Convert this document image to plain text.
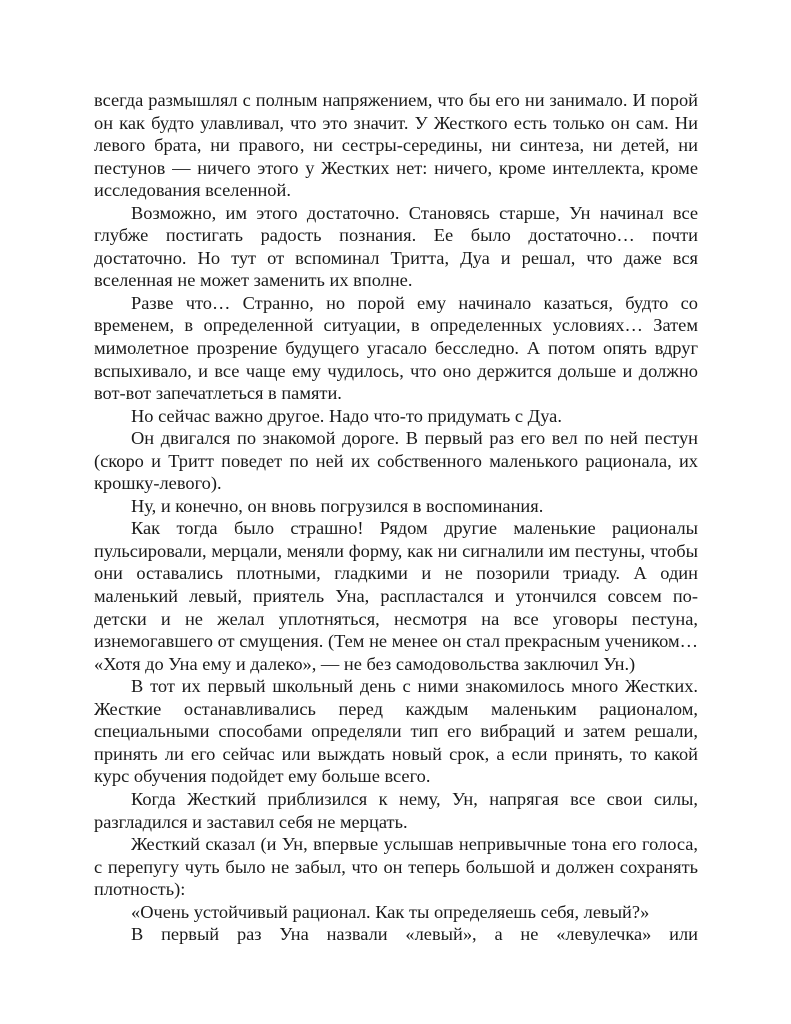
всегда размышлял с полным напряжением, что бы его ни занимало. И порой он как будто улавливал, что это значит. У Жесткого есть только он сам. Ни левого брата, ни правого, ни сестры-середины, ни синтеза, ни детей, ни пестунов — ничего этого у Жестких нет: ничего, кроме интеллекта, кроме исследования вселенной.

Возможно, им этого достаточно. Становясь старше, Ун начинал все глубже постигать радость познания. Ее было достаточно… почти достаточно. Но тут от вспоминал Тритта, Дуа и решал, что даже вся вселенная не может заменить их вполне.

Разве что… Странно, но порой ему начинало казаться, будто со временем, в определенной ситуации, в определенных условиях… Затем мимолетное прозрение будущего угасало бесследно. А потом опять вдруг вспыхивало, и все чаще ему чудилось, что оно держится дольше и должно вот-вот запечатлеться в памяти.

Но сейчас важно другое. Надо что-то придумать с Дуа.

Он двигался по знакомой дороге. В первый раз его вел по ней пестун (скоро и Тритт поведет по ней их собственного маленького рационала, их крошку-левого).

Ну, и конечно, он вновь погрузился в воспоминания.

Как тогда было страшно! Рядом другие маленькие рационалы пульсировали, мерцали, меняли форму, как ни сигналили им пестуны, чтобы они оставались плотными, гладкими и не позорили триаду. А один маленький левый, приятель Уна, распластался и утончился совсем по-детски и не желал уплотняться, несмотря на все уговоры пестуна, изнемогавшего от смущения. (Тем не менее он стал прекрасным учеником… «Хотя до Уна ему и далеко», — не без самодовольства заключил Ун.)

В тот их первый школьный день с ними знакомилось много Жестких. Жесткие останавливались перед каждым маленьким рационалом, специальными способами определяли тип его вибраций и затем решали, принять ли его сейчас или выждать новый срок, а если принять, то какой курс обучения подойдет ему больше всего.

Когда Жесткий приблизился к нему, Ун, напрягая все свои силы, разгладился и заставил себя не мерцать.

Жесткий сказал (и Ун, впервые услышав непривычные тона его голоса, с перепугу чуть было не забыл, что он теперь большой и должен сохранять плотность):

«Очень устойчивый рационал. Как ты определяешь себя, левый?»

В первый раз Уна назвали «левый», а не «левулечка» или
